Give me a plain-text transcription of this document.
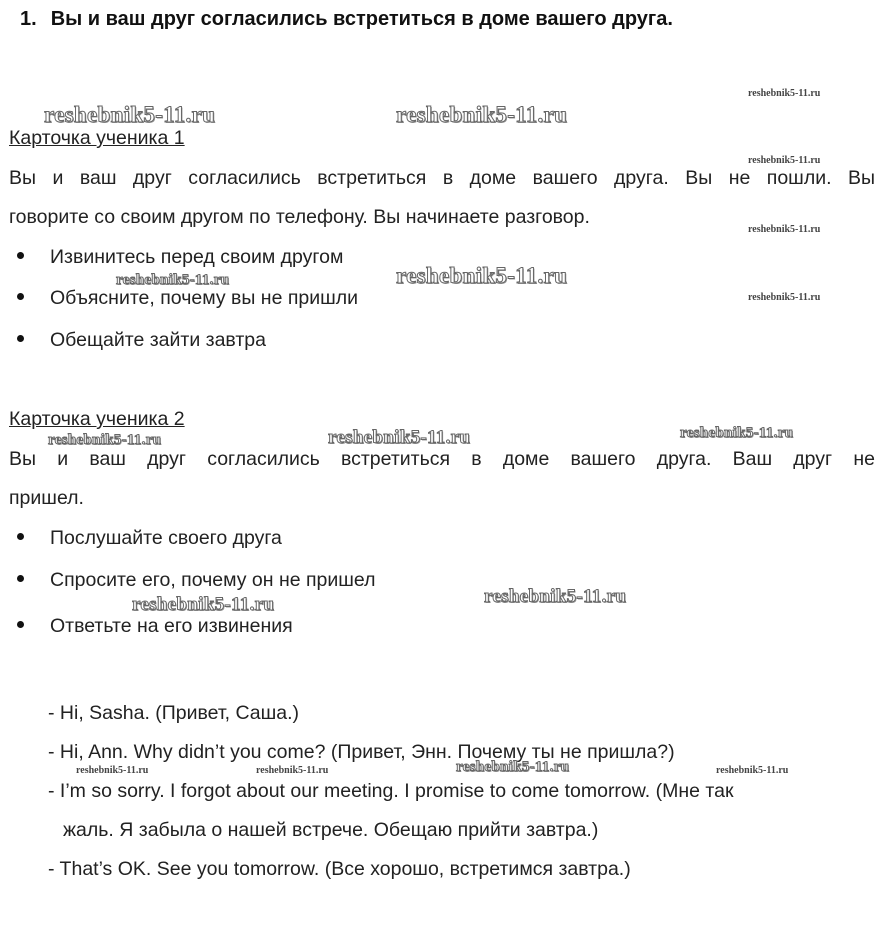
1. Вы и ваш друг согласились встретиться в доме вашего друга.
Карточка ученика 1
Вы и ваш друг согласились встретиться в доме вашего друга. Вы не пошли. Вы
говорите со своим другом по телефону. Вы начинаете разговор.
Извинитесь перед своим другом
Объясните, почему вы не пришли
Обещайте зайти завтра
Карточка ученика 2
Вы и ваш друг согласились встретиться в доме вашего друга. Ваш друг не
пришел.
Послушайте своего друга
Спросите его, почему он не пришел
Ответьте на его извинения
- Hi, Sasha. (Привет, Саша.)
- Hi, Ann. Why didn’t you come? (Привет, Энн. Почему ты не пришла?)
- I’m so sorry. I forgot about our meeting. I promise to come tomorrow. (Мне так
жаль. Я забыла о нашей встрече. Обещаю прийти завтра.)
- That’s OK. See you tomorrow. (Все хорошо, встретимся завтра.)
reshebnik5-11.ru	reshebnik5-11.ru
reshebnik5-11.ru
reshebnik5-11.ru
reshebnik5-11.ru
reshebnik5-11.ru	reshebnik5-11.ru
reshebnik5-11.ru
reshebnik5-11.ru	reshebnik5-11.ru	reshebnik5-11.ru
reshebnik5-11.ru	reshebnik5-11.ru
reshebnik5-11.ru	reshebnik5-11.ru	reshebnik5-11.ru	reshebnik5-11.ru
